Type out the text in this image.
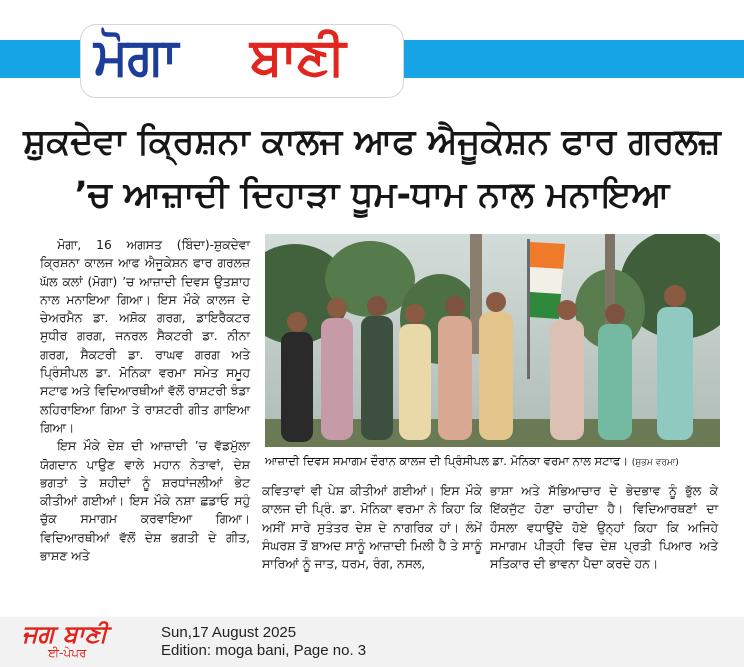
ਮੋਗਾ ਬਾਣੀ
ਸ਼ੁਕਦੇਵਾ ਕ੍ਰਿਸ਼ਨਾ ਕਾਲਜ ਆਫ ਐਜੂਕੇਸ਼ਨ ਫਾਰ ਗਰਲਜ਼
’ਚ ਆਜ਼ਾਦੀ ਦਿਹਾੜਾ ਧੂਮ-ਧਾਮ ਨਾਲ ਮਨਾਇਆ

ਮੋਗਾ, 16 ਅਗਸਤ (ਬਿੰਦਾ)-ਸ਼ੁਕਦੇਵਾ ਕ੍ਰਿਸ਼ਨਾ ਕਾਲਜ ਆਫ ਐਜੂਕੇਸ਼ਨ ਫਾਰ ਗਰਲਜ਼ ਘੱਲ ਕਲਾਂ (ਮੋਗਾ) ’ਚ ਆਜ਼ਾਦੀ ਦਿਵਸ ਉਤਸ਼ਾਹ ਨਾਲ ਮਨਾਇਆ ਗਿਆ। ਇਸ ਮੌਕੇ ਕਾਲਜ ਦੇ ਚੇਅਰਮੈਨ ਡਾ. ਅਸ਼ੋਕ ਗਰਗ, ਡਾਇਰੈਕਟਰ ਸੁਧੀਰ ਗਰਗ, ਜਨਰਲ ਸੈਕਟਰੀ ਡਾ. ਨੀਨਾ ਗਰਗ, ਸੈਕਟਰੀ ਡਾ. ਰਾਘਵ ਗਰਗ ਅਤੇ ਪ੍ਰਿੰਸੀਪਲ ਡਾ. ਮੋਨਿਕਾ ਵਰਮਾ ਸਮੇਤ ਸਮੂਹ ਸਟਾਫ ਅਤੇ ਵਿਦਿਆਰਥੀਆਂ ਵੱਲੋਂ ਰਾਸ਼ਟਰੀ ਝੰਡਾ ਲਹਿਰਾਇਆ ਗਿਆ ਤੇ ਰਾਸ਼ਟਰੀ ਗੀਤ ਗਾਇਆ ਗਿਆ।

ਇਸ ਮੌਕੇ ਦੇਸ਼ ਦੀ ਆਜ਼ਾਦੀ ’ਚ ਵੱਡਮੁੱਲਾ ਯੋਗਦਾਨ ਪਾਉਣ ਵਾਲੇ ਮਹਾਨ ਨੇਤਾਵਾਂ, ਦੇਸ਼ ਭਗਤਾਂ ਤੇ ਸ਼ਹੀਦਾਂ ਨੂੰ ਸ਼ਰਧਾਂਜਲੀਆਂ ਭੇਟ ਕੀਤੀਆਂ ਗਈਆਂ। ਇਸ ਮੌਕੇ ਨਸ਼ਾ ਛਡਾਓ ਸਹੁੰ ਚੁੱਕ ਸਮਾਗਮ ਕਰਵਾਇਆ ਗਿਆ। ਵਿਦਿਆਰਥੀਆਂ ਵੱਲੋਂ ਦੇਸ਼ ਭਗਤੀ ਦੇ ਗੀਤ, ਭਾਸ਼ਣ ਅਤੇ

ਆਜ਼ਾਦੀ ਦਿਵਸ ਸਮਾਗਮ ਦੌਰਾਨ ਕਾਲਜ ਦੀ ਪ੍ਰਿੰਸੀਪਲ ਡਾ. ਮੋਨਿਕਾ ਵਰਮਾ ਨਾਲ ਸਟਾਫ। (ਸ਼ੁਭਮ ਵਰਮਾ)

ਕਵਿਤਾਵਾਂ ਵੀ ਪੇਸ਼ ਕੀਤੀਆਂ ਗਈਆਂ। ਇਸ ਮੌਕੇ ਕਾਲਜ ਦੀ ਪ੍ਰਿੰ. ਡਾ. ਮੋਨਿਕਾ ਵਰਮਾ ਨੇ ਕਿਹਾ ਕਿ ਅਸੀਂ ਸਾਰੇ ਸੁਤੰਤਰ ਦੇਸ਼ ਦੇ ਨਾਗਰਿਕ ਹਾਂ। ਲੰਮੇਂ ਸੰਘਰਸ਼ ਤੋਂ ਬਾਅਦ ਸਾਨੂੰ ਆਜ਼ਾਦੀ ਮਿਲੀ ਹੈ ਤੇ ਸਾਨੂੰ ਸਾਰਿਆਂ ਨੂੰ ਜਾਤ, ਧਰਮ, ਰੰਗ, ਨਸਲ,

ਭਾਸ਼ਾ ਅਤੇ ਸੱਭਿਆਚਾਰ ਦੇ ਭੇਦਭਾਵ ਨੂੰ ਭੁੱਲ ਕੇ ਇੱਕਜੁੱਟ ਹੋਣਾ ਚਾਹੀਦਾ ਹੈ। ਵਿਦਿਆਰਥਣਾਂ ਦਾ ਹੌਸਲਾ ਵਧਾਉਂਦੇ ਹੋਏ ਉਨ੍ਹਾਂ ਕਿਹਾ ਕਿ ਅਜਿਹੇ ਸਮਾਗਮ ਪੀੜ੍ਹੀ ਵਿਚ ਦੇਸ਼ ਪ੍ਰਤੀ ਪਿਆਰ ਅਤੇ ਸਤਿਕਾਰ ਦੀ ਭਾਵਨਾ ਪੈਦਾ ਕਰਦੇ ਹਨ।

ਜਗ ਬਾਣੀ
ਈ-ਪੇਪਰ
Sun,17 August 2025
Edition: moga bani, Page no. 3
